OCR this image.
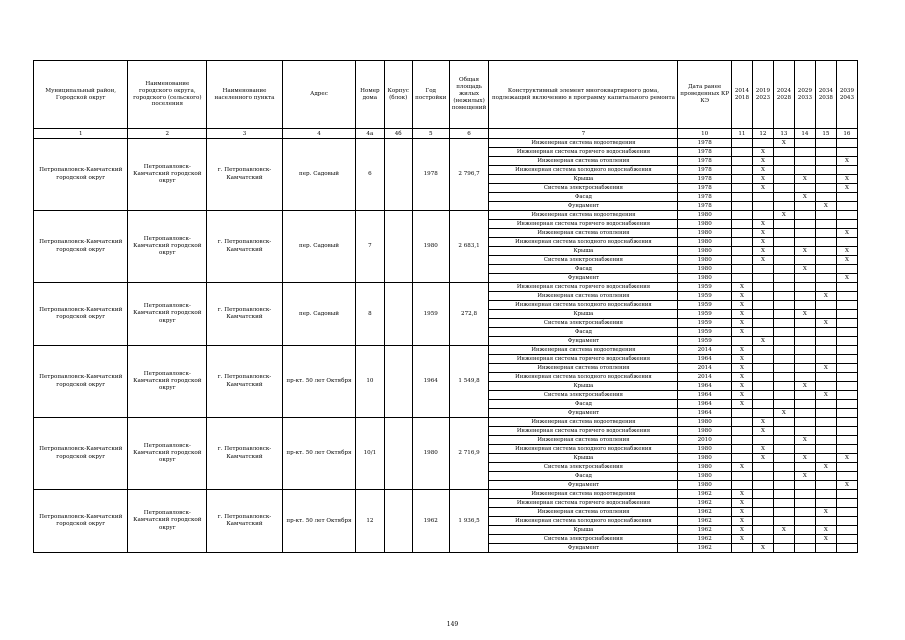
Муниципальный район, Городской округ	Наименование городского округа, городского (сельского) поселения	Наименование населенного пункта	Адрес	Номер дома	Корпус (блок)	Год постройки	Общая площадь жилых (нежилых) помещений	Конструктивный элемент многоквартирного дома, подлежащий включению в программу капитального ремонта	Дата ранее проведенных КР КЭ	2014 2018	2019 2023	2024 2028	2029 2033	2034 2038	2039 2043
1	2	3	4	4а	4б	5	6	7	10	11	12	13	14	15	16
Петропавловск-Камчатский городской округ	Петропавловск-Камчатский городской округ	г. Петропавловск-Камчатский	пер. Садовый	6		1978	2 796,7	Инженерная система водоотведения	1978			X			
								Инженерная система горячего водоснабжения	1978		X				
								Инженерная система отопления	1978		X				X
								Инженерная система холодного водоснабжения	1978		X				
								Крыша	1978		X		X		X
								Система электроснабжения	1978		X				X
								Фасад	1978				X		
								Фундамент	1978					X	
Петропавловск-Камчатский городской округ	Петропавловск-Камчатский городской округ	г. Петропавловск-Камчатский	пер. Садовый	7		1980	2 683,1	Инженерная система водоотведения	1980			X			
								Инженерная система горячего водоснабжения	1980		X				
								Инженерная система отопления	1980		X				X
								Инженерная система холодного водоснабжения	1980		X				
								Крыша	1980		X		X		X
								Система электроснабжения	1980		X				X
								Фасад	1980				X		
								Фундамент	1980						X
Петропавловск-Камчатский городской округ	Петропавловск-Камчатский городской округ	г. Петропавловск-Камчатский	пер. Садовый	8		1959	272,8	Инженерная система горячего водоснабжения	1959	X					
								Инженерная система отопления	1959	X				X	
								Инженерная система холодного водоснабжения	1959	X					
								Крыша	1959	X			X		
								Система электроснабжения	1959	X				X	
								Фасад	1959	X					
								Фундамент	1959		X				
Петропавловск-Камчатский городской округ	Петропавловск-Камчатский городской округ	г. Петропавловск-Камчатский	пр-кт. 50 лет Октября	10		1964	1 549,8	Инженерная система водоотведения	2014	X					
								Инженерная система горячего водоснабжения	1964	X					
								Инженерная система отопления	2014	X				X	
								Инженерная система холодного водоснабжения	2014	X					
								Крыша	1964	X			X		
								Система электроснабжения	1964	X				X	
								Фасад	1964	X					
								Фундамент	1964			X			
Петропавловск-Камчатский городской округ	Петропавловск-Камчатский городской округ	г. Петропавловск-Камчатский	пр-кт. 50 лет Октября	10/1		1980	2 716,9	Инженерная система водоотведения	1980		X				
								Инженерная система горячего водоснабжения	1980		X				
								Инженерная система отопления	2010				X		
								Инженерная система холодного водоснабжения	1980		X				
								Крыша	1980		X		X		X
								Система электроснабжения	1980	X				X	
								Фасад	1980				X		
								Фундамент	1980						X
Петропавловск-Камчатский городской округ	Петропавловск-Камчатский городской округ	г. Петропавловск-Камчатский	пр-кт. 50 лет Октября	12		1962	1 936,5	Инженерная система водоотведения	1962	X					
								Инженерная система горячего водоснабжения	1962	X					
								Инженерная система отопления	1962	X				X	
								Инженерная система холодного водоснабжения	1962	X					
								Крыша	1962	X		X		X	
								Система электроснабжения	1962	X				X	
								Фундамент	1962		X				
149
